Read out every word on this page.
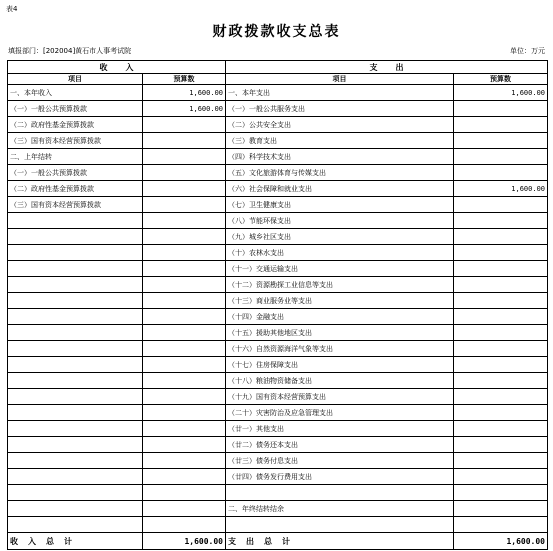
表4
财政拨款收支总表
填报部门：[202004]黄石市人事考试院	单位：万元
收入		支出	
项目	预算数	项目	预算数
一、本年收入	1,600.00	一、本年支出	1,600.00
（一）一般公共预算拨款	1,600.00	（一）一般公共服务支出	
（二）政府性基金预算拨款		（二）公共安全支出	
（三）国有资本经营预算拨款		（三）教育支出	
二、上年结转		（四）科学技术支出	
（一）一般公共预算拨款		（五）文化旅游体育与传媒支出	
（二）政府性基金预算拨款		（六）社会保障和就业支出	1,600.00
（三）国有资本经营预算拨款		（七）卫生健康支出	
		（八）节能环保支出	
		（九）城乡社区支出	
		（十）农林水支出	
		（十一）交通运输支出	
		（十二）资源勘探工业信息等支出	
		（十三）商业服务业等支出	
		（十四）金融支出	
		（十五）援助其他地区支出	
		（十六）自然资源海洋气象等支出	
		（十七）住房保障支出	
		（十八）粮油物资储备支出	
		（十九）国有资本经营预算支出	
		（二十）灾害防治及应急管理支出	
		（廿一）其他支出	
		（廿二）债务还本支出	
		（廿三）债务付息支出	
		（廿四）债务发行费用支出	

		二、年终结转结余	

收入总计	1,600.00	支出总计	1,600.00
